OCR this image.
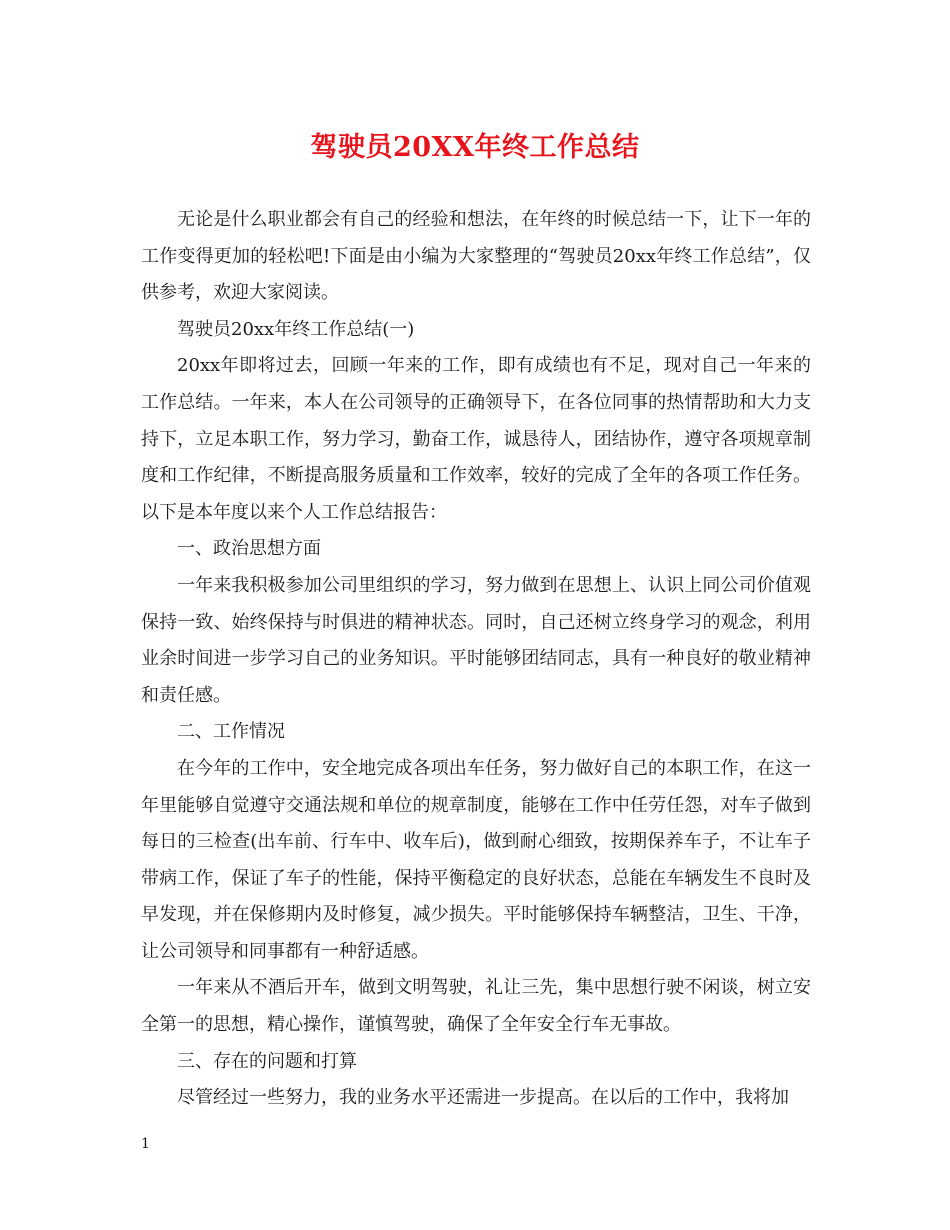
驾驶员20XX年终工作总结

无论是什么职业都会有自己的经验和想法，在年终的时候总结一下，让下一年的工作变得更加的轻松吧!下面是由小编为大家整理的“驾驶员20xx年终工作总结”，仅供参考，欢迎大家阅读。

驾驶员20xx年终工作总结(一)

20xx年即将过去，回顾一年来的工作，即有成绩也有不足，现对自己一年来的工作总结。一年来，本人在公司领导的正确领导下，在各位同事的热情帮助和大力支持下，立足本职工作，努力学习，勤奋工作，诚恳待人，团结协作，遵守各项规章制度和工作纪律，不断提高服务质量和工作效率，较好的完成了全年的各项工作任务。以下是本年度以来个人工作总结报告：

一、政治思想方面

一年来我积极参加公司里组织的学习，努力做到在思想上、认识上同公司价值观保持一致、始终保持与时俱进的精神状态。同时，自己还树立终身学习的观念，利用业余时间进一步学习自己的业务知识。平时能够团结同志，具有一种良好的敬业精神和责任感。

二、工作情况

在今年的工作中，安全地完成各项出车任务，努力做好自己的本职工作，在这一年里能够自觉遵守交通法规和单位的规章制度，能够在工作中任劳任怨，对车子做到每日的三检查(出车前、行车中、收车后)，做到耐心细致，按期保养车子，不让车子带病工作，保证了车子的性能，保持平衡稳定的良好状态，总能在车辆发生不良时及早发现，并在保修期内及时修复，减少损失。平时能够保持车辆整洁，卫生、干净，让公司领导和同事都有一种舒适感。

一年来从不酒后开车，做到文明驾驶，礼让三先，集中思想行驶不闲谈，树立安全第一的思想，精心操作，谨慎驾驶，确保了全年安全行车无事故。

三、存在的问题和打算

尽管经过一些努力，我的业务水平还需进一步提高。在以后的工作中，我将加

1
